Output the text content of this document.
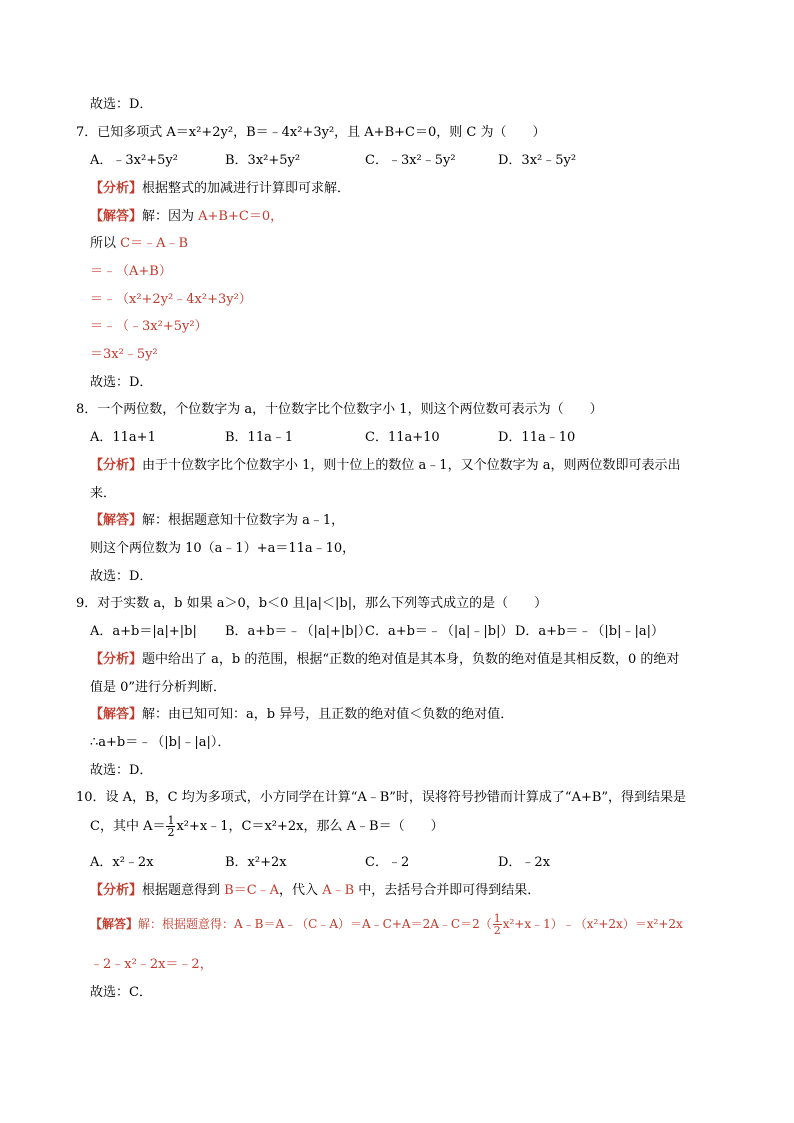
故选：D．
7．已知多项式 A＝x²+2y²，B＝﹣4x²+3y²，且 A+B+C＝0，则 C 为（　　）
A．﹣3x²+5y²	B．3x²+5y²	C．﹣3x²﹣5y²	D．3x²﹣5y²
【分析】根据整式的加减进行计算即可求解．
【解答】解：因为 A+B+C＝0，
所以 C＝﹣A﹣B
＝﹣（A+B）
＝﹣（x²+2y²﹣4x²+3y²）
＝﹣（﹣3x²+5y²）
＝3x²﹣5y²
故选：D．
8．一个两位数，个位数字为 a，十位数字比个位数字小 1，则这个两位数可表示为（　　）
A．11a+1	B．11a﹣1	C．11a+10	D．11a﹣10
【分析】由于十位数字比个位数字小 1，则十位上的数位 a﹣1，又个位数字为 a，则两位数即可表示出
来．
【解答】解：根据题意知十位数字为 a﹣1，
则这个两位数为 10（a﹣1）+a＝11a﹣10，
故选：D．
9．对于实数 a，b 如果 a＞0，b＜0 且|a|＜|b|，那么下列等式成立的是（　　）
A．a+b＝|a|+|b| B．a+b＝﹣（|a|+|b|）
C．a+b＝﹣（|a|﹣|b|） D．a+b＝﹣（|b|﹣|a|）
【分析】题中给出了 a，b 的范围，根据“正数的绝对值是其本身，负数的绝对值是其相反数，0 的绝对
值是 0”进行分析判断．
【解答】解：由已知可知：a，b 异号，且正数的绝对值＜负数的绝对值．
∴a+b＝﹣（|b|﹣|a|）．
故选：D．
10．设 A，B，C 均为多项式，小方同学在计算“A﹣B”时，误将符号抄错而计算成了“A+B”，得到结果是
C，其中 $A= \frac{1}{2}$ x²+x﹣1，C＝x²+2x，那么 A﹣B＝（　　）
A．x²﹣2x	B．x²+2x	C．﹣2	D．﹣2x
【分析】根据题意得到 B＝C﹣A，代入 A﹣B 中，去括号合并即可得到结果．
【解答】解：根据题意得：A﹣B＝A﹣（C﹣A）＝A﹣C+A＝2A﹣C＝2（ $\frac{1}{2}$ x²+x﹣1）﹣（x²+2x）＝x²+2x
﹣2﹣x²﹣2x＝﹣2，
故选：C．
